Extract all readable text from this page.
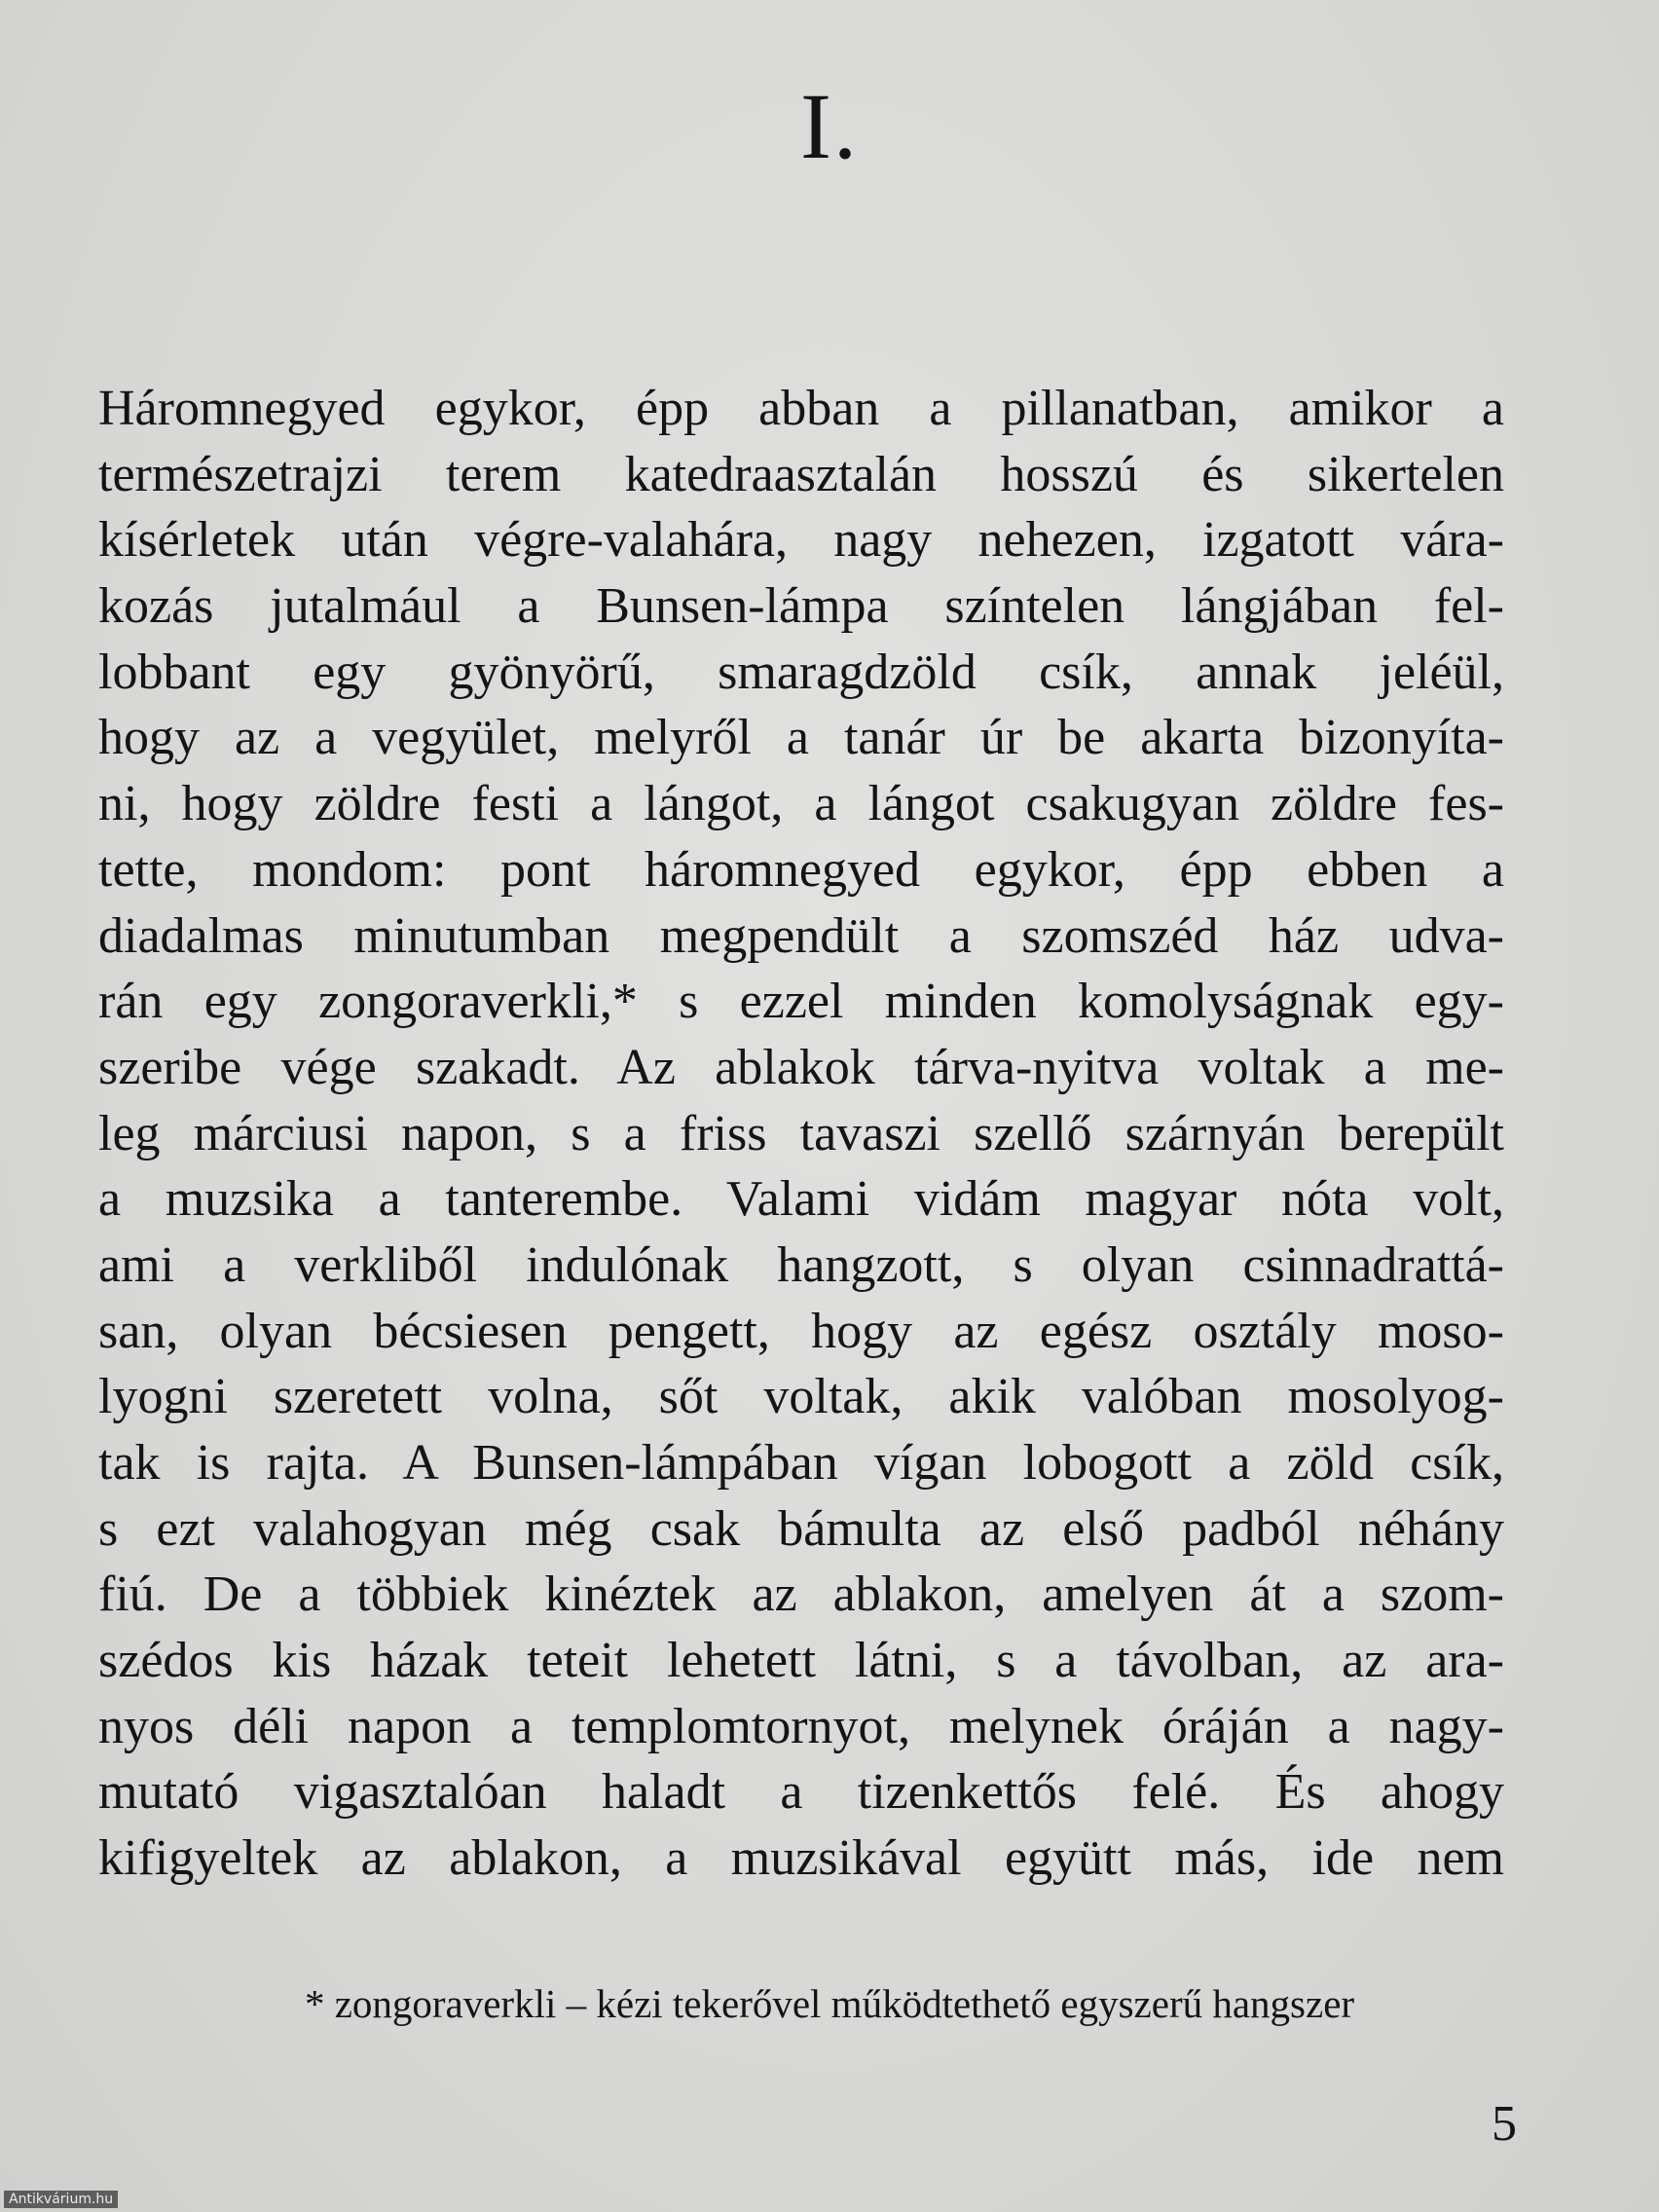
I.
Háromnegyed egykor, épp abban a pillanatban, amikor a
természetrajzi terem katedraasztalán hosszú és sikertelen
kísérletek után végre-valahára, nagy nehezen, izgatott vára-
kozás jutalmául a Bunsen-lámpa színtelen lángjában fel-
lobbant egy gyönyörű, smaragdzöld csík, annak jeléül,
hogy az a vegyület, melyről a tanár úr be akarta bizonyíta-
ni, hogy zöldre festi a lángot, a lángot csakugyan zöldre fes-
tette, mondom: pont háromnegyed egykor, épp ebben a
diadalmas minutumban megpendült a szomszéd ház udva-
rán egy zongoraverkli,* s ezzel minden komolyságnak egy-
szeribe vége szakadt. Az ablakok tárva-nyitva voltak a me-
leg márciusi napon, s a friss tavaszi szellő szárnyán berepült
a muzsika a tanterembe. Valami vidám magyar nóta volt,
ami a verkliből indulónak hangzott, s olyan csinnadrattá-
san, olyan bécsiesen pengett, hogy az egész osztály moso-
lyogni szeretett volna, sőt voltak, akik valóban mosolyog-
tak is rajta. A Bunsen-lámpában vígan lobogott a zöld csík,
s ezt valahogyan még csak bámulta az első padból néhány
fiú. De a többiek kinéztek az ablakon, amelyen át a szom-
szédos kis házak teteit lehetett látni, s a távolban, az ara-
nyos déli napon a templomtornyot, melynek óráján a nagy-
mutató vigasztalóan haladt a tizenkettős felé. És ahogy
kifigyeltek az ablakon, a muzsikával együtt más, ide nem
* zongoraverkli – kézi tekerővel működtethető egyszerű hangszer
5
Antikvárium.hu
